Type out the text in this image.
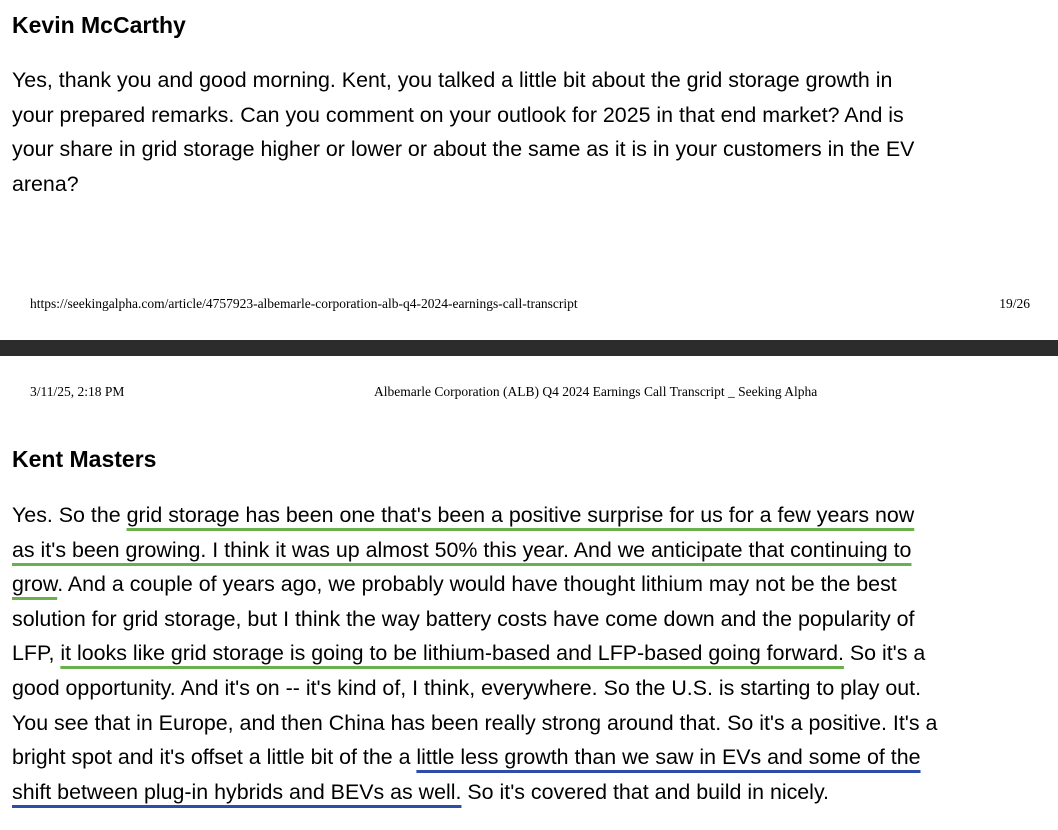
Kevin McCarthy

Yes, thank you and good morning. Kent, you talked a little bit about the grid storage growth in
your prepared remarks. Can you comment on your outlook for 2025 in that end market? And is
your share in grid storage higher or lower or about the same as it is in your customers in the EV
arena?

https://seekingalpha.com/article/4757923-albemarle-corporation-alb-q4-2024-earnings-call-transcript	19/26
3/11/25, 2:18 PM	Albemarle Corporation (ALB) Q4 2024 Earnings Call Transcript _ Seeking Alpha
Kent Masters

Yes. So the grid storage has been one that's been a positive surprise for us for a few years now
as it's been growing. I think it was up almost 50% this year. And we anticipate that continuing to
grow. And a couple of years ago, we probably would have thought lithium may not be the best
solution for grid storage, but I think the way battery costs have come down and the popularity of
LFP, it looks like grid storage is going to be lithium-based and LFP-based going forward. So it's a
good opportunity. And it's on -- it's kind of, I think, everywhere. So the U.S. is starting to play out.
You see that in Europe, and then China has been really strong around that. So it's a positive. It's a
bright spot and it's offset a little bit of the a little less growth than we saw in EVs and some of the
shift between plug-in hybrids and BEVs as well. So it's covered that and build in nicely.
